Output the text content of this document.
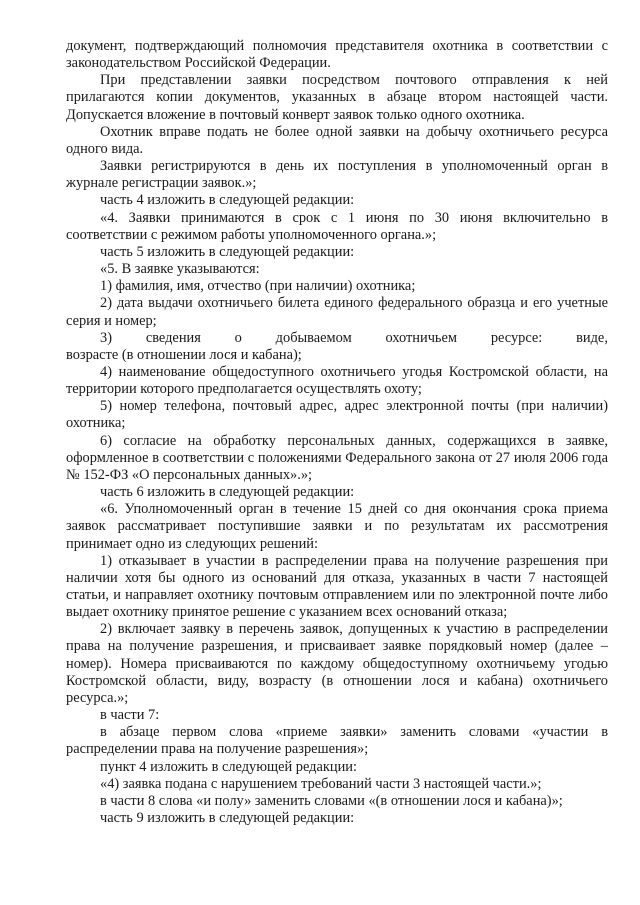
документ, подтверждающий полномочия представителя охотника в соответствии с законодательством Российской Федерации.

При представлении заявки посредством почтового отправления к ней прилагаются копии документов, указанных в абзаце втором настоящей части. Допускается вложение в почтовый конверт заявок только одного охотника.

Охотник вправе подать не более одной заявки на добычу охотничьего ресурса одного вида.

Заявки регистрируются в день их поступления в уполномоченный орган в журнале регистрации заявок.»;

часть 4 изложить в следующей редакции:

«4. Заявки принимаются в срок с 1 июня по 30 июня включительно в соответствии с режимом работы уполномоченного органа.»;

часть 5 изложить в следующей редакции:

«5. В заявке указываются:

1) фамилия, имя, отчество (при наличии) охотника;

2) дата выдачи охотничьего билета единого федерального образца и его учетные серия и номер;

3) сведения о добываемом охотничьем ресурсе: виде,

возрасте (в отношении лося и кабана);

4) наименование общедоступного охотничьего угодья Костромской области, на территории которого предполагается осуществлять охоту;

5) номер телефона, почтовый адрес, адрес электронной почты (при наличии) охотника;

6) согласие на обработку персональных данных, содержащихся в заявке, оформленное в соответствии с положениями Федерального закона от 27 июля 2006 года № 152-ФЗ «О персональных данных».»;

часть 6 изложить в следующей редакции:

«6. Уполномоченный орган в течение 15 дней со дня окончания срока приема заявок рассматривает поступившие заявки и по результатам их рассмотрения принимает одно из следующих решений:

1) отказывает в участии в распределении права на получение разрешения при наличии хотя бы одного из оснований для отказа, указанных в части 7 настоящей статьи, и направляет охотнику почтовым отправлением или по электронной почте либо выдает охотнику принятое решение с указанием всех оснований отказа;

2) включает заявку в перечень заявок, допущенных к участию в распределении права на получение разрешения, и присваивает заявке порядковый номер (далее – номер). Номера присваиваются по каждому общедоступному охотничьему угодью Костромской области, виду, возрасту (в отношении лося и кабана) охотничьего ресурса.»;

в части 7:

в абзаце первом слова «приеме заявки» заменить словами «участии в распределении права на получение разрешения»;

пункт 4 изложить в следующей редакции:

«4) заявка подана с нарушением требований части 3 настоящей части.»;

в части 8 слова «и полу» заменить словами «(в отношении лося и кабана)»;

часть 9 изложить в следующей редакции:
